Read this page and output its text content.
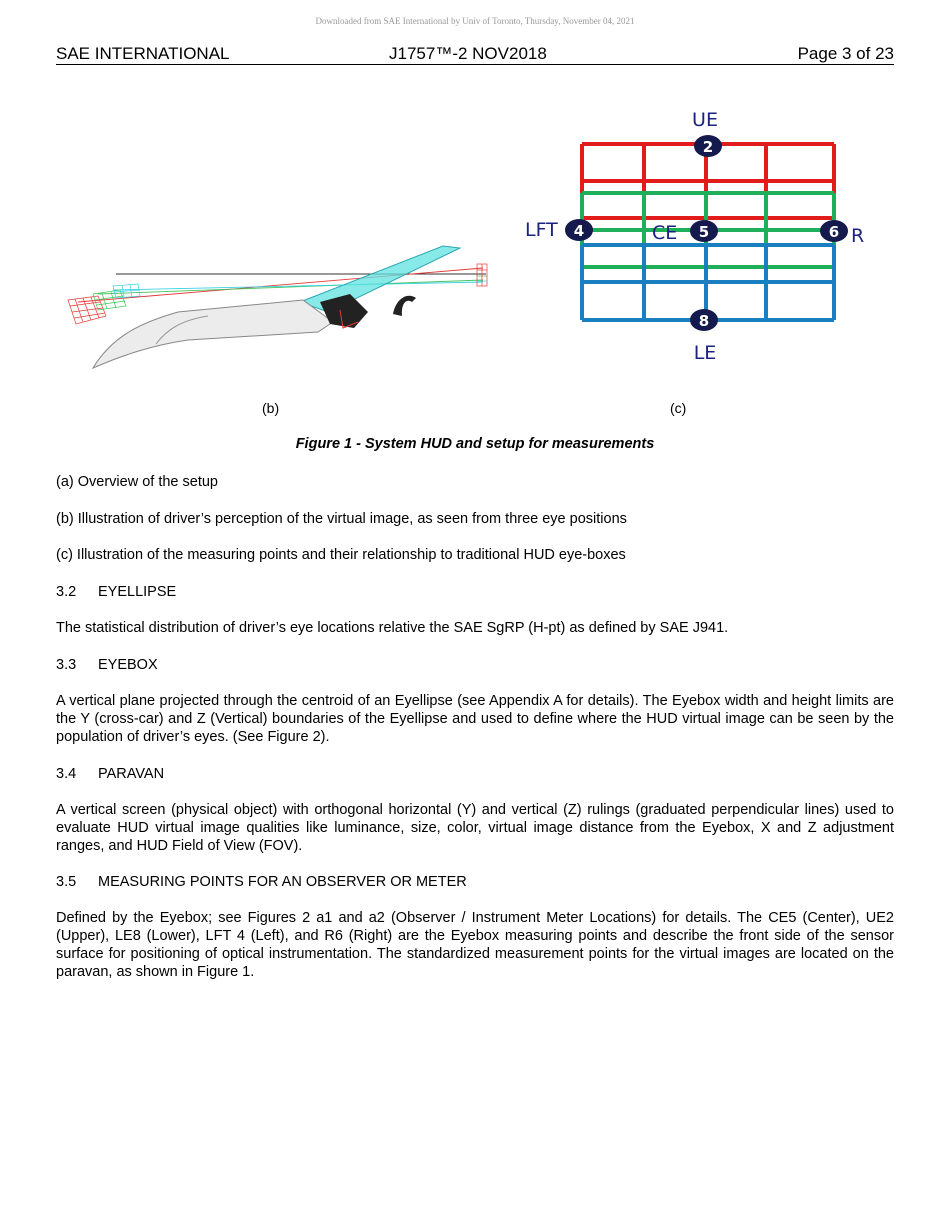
Downloaded from SAE International by Univ of Toronto, Thursday, November 04, 2021
SAE INTERNATIONAL	J1757™-2 NOV2018	Page 3 of 23
2
4	5	6
8
UE
LFT	CE	R
LE
(b)	(c)
Figure 1 - System HUD and setup for measurements
(a) Overview of the setup
(b) Illustration of driver’s perception of the virtual image, as seen from three eye positions
(c) Illustration of the measuring points and their relationship to traditional HUD eye-boxes
3.2 EYELLIPSE
The statistical distribution of driver’s eye locations relative the SAE SgRP (H-pt) as defined by SAE J941.
3.3 EYEBOX
A vertical plane projected through the centroid of an Eyellipse (see Appendix A for details). The Eyebox width and height limits are the Y (cross-car) and Z (Vertical) boundaries of the Eyellipse and used to define where the HUD virtual image can be seen by the population of driver’s eyes. (See Figure 2).
3.4 PARAVAN
A vertical screen (physical object) with orthogonal horizontal (Y) and vertical (Z) rulings (graduated perpendicular lines) used to evaluate HUD virtual image qualities like luminance, size, color, virtual image distance from the Eyebox, X and Z adjustment ranges, and HUD Field of View (FOV).
3.5 MEASURING POINTS FOR AN OBSERVER OR METER
Defined by the Eyebox; see Figures 2 a1 and a2 (Observer / Instrument Meter Locations) for details. The CE5 (Center), UE2 (Upper), LE8 (Lower), LFT 4 (Left), and R6 (Right) are the Eyebox measuring points and describe the front side of the sensor surface for positioning of optical instrumentation. The standardized measurement points for the virtual images are located on the paravan, as shown in Figure 1.
